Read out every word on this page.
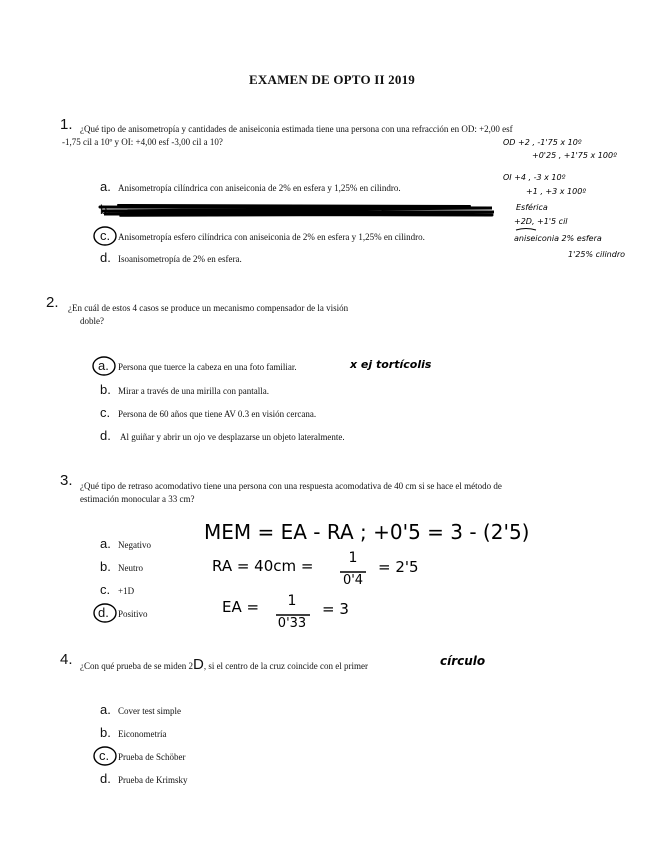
EXAMEN DE OPTO II 2019
1. ¿Qué tipo de anisometropía y cantidades de aniseiconia estimada tiene una persona con una refracción en OD: +2,00 esf
-1,75 cil a 10º y OI: +4,00 esf -3,00 cil a 10?
a. Anisometropía cilíndrica con aniseiconia de 2% en esfera y 1,25% en cilindro.
b.
c. Anisometropía esfero cilíndrica con aniseiconia de 2% en esfera y 1,25% en cilindro.
d. Isoanisometropía de 2% en esfera.
OD +2 , -1'75 x 10º
+0'25 , +1'75 x 100º
OI +4 , -3 x 10º
+1 , +3 x 100º
Esférica
+2D, +1'5 cil
aniseiconia 2% esfera
1'25% cilindro
2. ¿En cuál de estos 4 casos se produce un mecanismo compensador de la visión
doble?
a. Persona que tuerce la cabeza en una foto familiar.	x ej tortícolis
b. Mirar a través de una mirilla con pantalla.
c. Persona de 60 años que tiene AV 0.3 en visión cercana.
d. Al guiñar y abrir un ojo ve desplazarse un objeto lateralmente.
3. ¿Qué tipo de retraso acomodativo tiene una persona con una respuesta acomodativa de 40 cm si se hace el método de
estimación monocular a 33 cm?
a. Negativo
b. Neutro
c. +1D
d. Positivo
MEM = EA - RA ; +0'5 = 3 - (2'5)
RA = 40cm =	1
0'4
= 2'5
EA =	1
0'33
= 3
4. ¿Con qué prueba de se miden 2D, si el centro de la cruz coincide con el primer	círculo
a. Cover test simple
b. Eiconometría
c. Prueba de Schöber
d. Prueba de Krimsky
